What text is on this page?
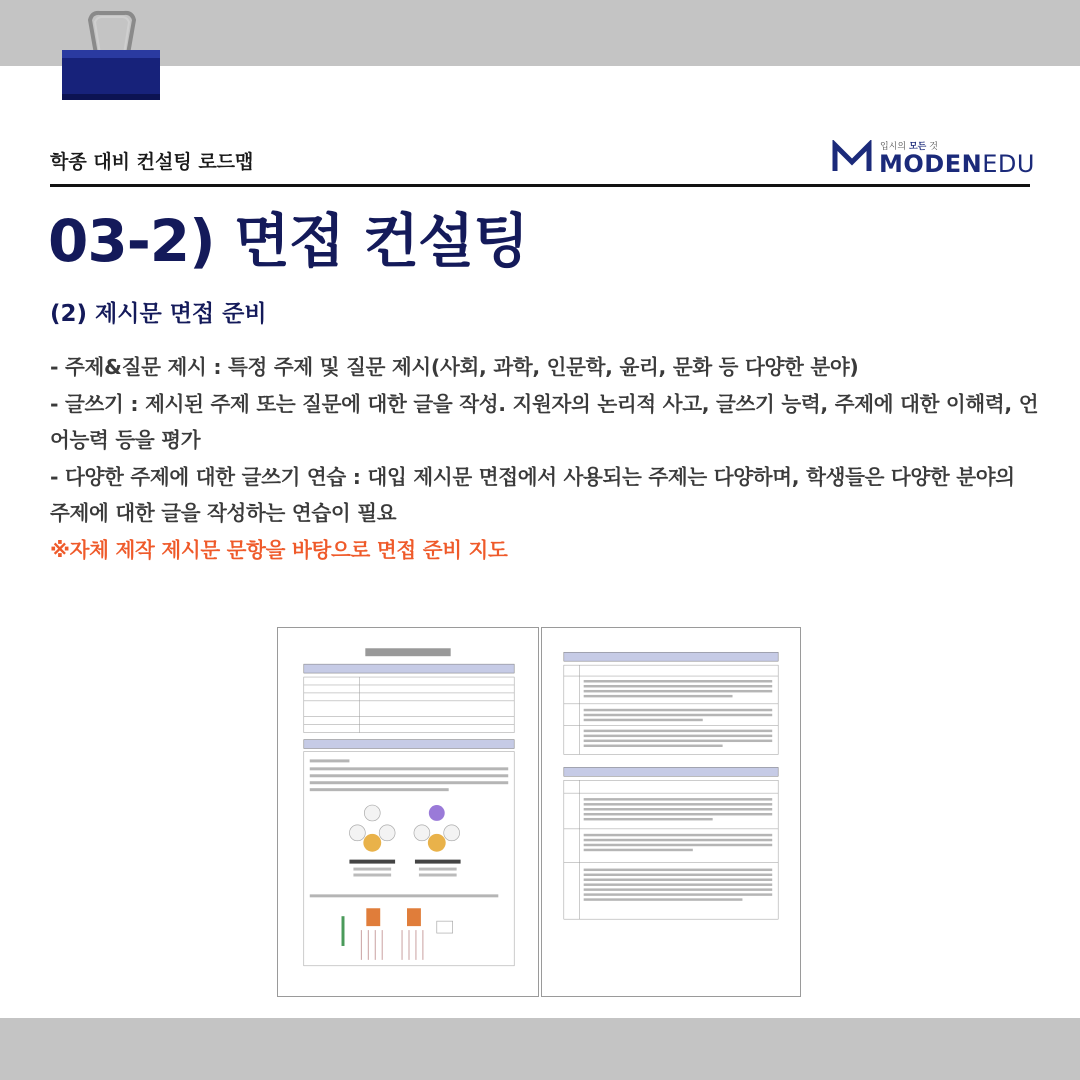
학종 대비 컨설팅 로드맵
입시의 모든 것
MODENEDU
03-2) 면접 컨설팅
(2) 제시문 면접 준비

- 주제&질문 제시 : 특정 주제 및 질문 제시(사회, 과학, 인문학, 윤리, 문화 등 다양한 분야)

- 글쓰기 : 제시된 주제 또는 질문에 대한 글을 작성. 지원자의 논리적 사고, 글쓰기 능력, 주제에 대한 이해력, 언어능력 등을 평가

- 다양한 주제에 대한 글쓰기 연습 : 대입 제시문 면접에서 사용되는 주제는 다양하며, 학생들은 다양한 분야의 주제에 대한 글을 작성하는 연습이 필요

※자체 제작 제시문 문항을 바탕으로 면접 준비 지도
